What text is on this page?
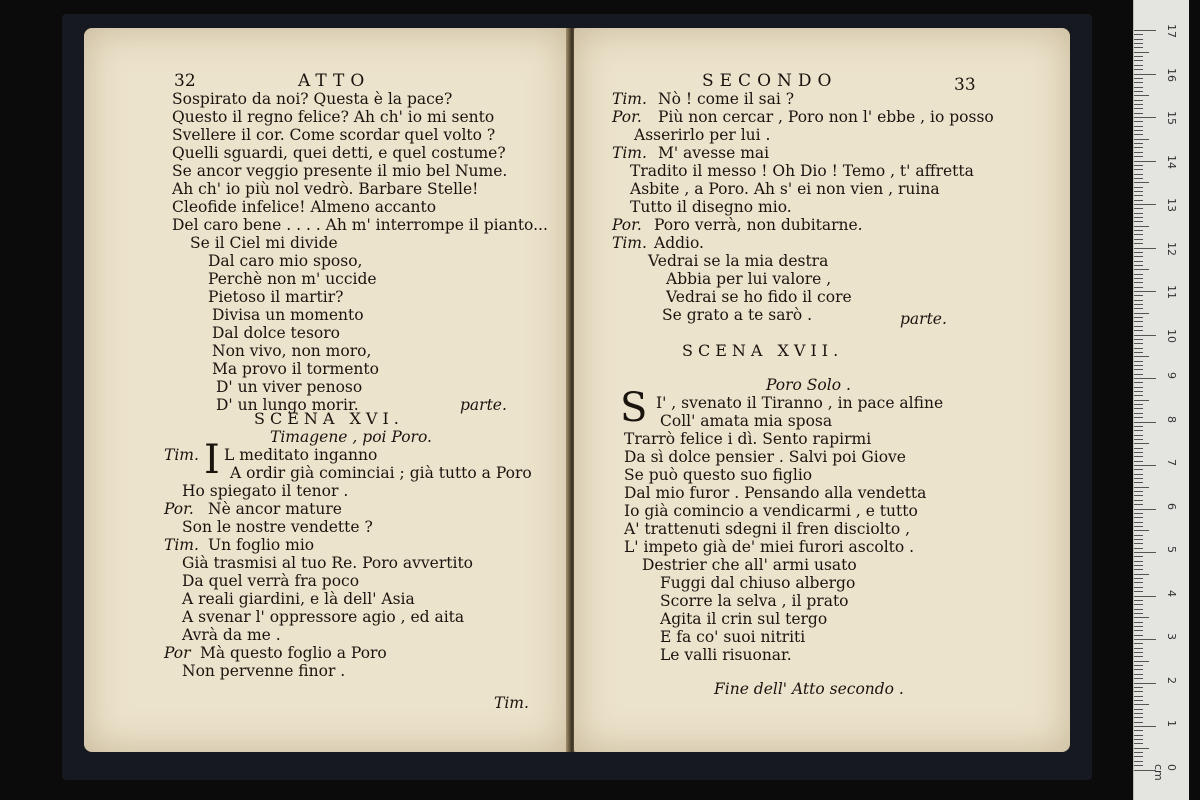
32	ATTO
Sospirato da noi? Questa è la pace?
Questo il regno felice? Ah ch' io mi sento
Svellere il cor. Come scordar quel volto ?
Quelli sguardi, quei detti, e quel costume?
Se ancor veggio presente il mio bel Nume.
Ah ch' io più nol vedrò. Barbare Stelle!
Cleofide infelice! Almeno accanto
Del caro bene . . . . Ah m' interrompe il pianto...
Se il Ciel mi divide
Dal caro mio sposo,
Perchè non m' uccide
Pietoso il martir?
Divisa un momento
Dal dolce tesoro
Non vivo, non moro,
Ma provo il tormento
D' un viver penoso
D' un lungo morir.	parte.
SCENA XVI.
Timagene , poi Poro.
Tim. I L meditato inganno
A ordir già cominciai ; già tutto a Poro
Ho spiegato il tenor .
Por. Nè ancor mature
Son le nostre vendette ?
Tim. Un foglio mio
Già trasmisi al tuo Re. Poro avvertito
Da quel verrà fra poco
A reali giardini, e là dell' Asia
A svenar l' oppressore agio , ed aita
Avrà da me .
Por Mà questo foglio a Poro
Non pervenne finor .
Tim.
SECONDO	33
Tim. Nò ! come il sai ?
Por. Più non cercar , Poro non l' ebbe , io posso
Asserirlo per lui .
Tim. M' avesse mai
Tradito il messo ! Oh Dio ! Temo , t' affretta
Asbite , a Poro. Ah s' ei non vien , ruina
Tutto il disegno mio.
Por. Poro verrà, non dubitarne.
Tim. Addio.
Vedrai se la mia destra
Abbia per lui valore ,
Vedrai se ho fido il core
Se grato a te sarò .	parte.
SCENA XVII.
Poro Solo .
S I' , svenato il Tiranno , in pace alfine
Coll' amata mia sposa
Trarrò felice i dì. Sento rapirmi
Da sì dolce pensier . Salvi poi Giove
Se può questo suo figlio
Dal mio furor . Pensando alla vendetta
Io già comincio a vendicarmi , e tutto
A' trattenuti sdegni il fren disciolto ,
L' impeto già de' miei furori ascolto .
Destrier che all' armi usato
Fuggi dal chiuso albergo
Scorre la selva , il prato
Agita il crin sul tergo
E fa co' suoi nitriti
Le valli risuonar.
Fine dell' Atto secondo .
17
16
15
14
13
12
11
10
9
8
7
6
5
4
3
2
1
0 cm
